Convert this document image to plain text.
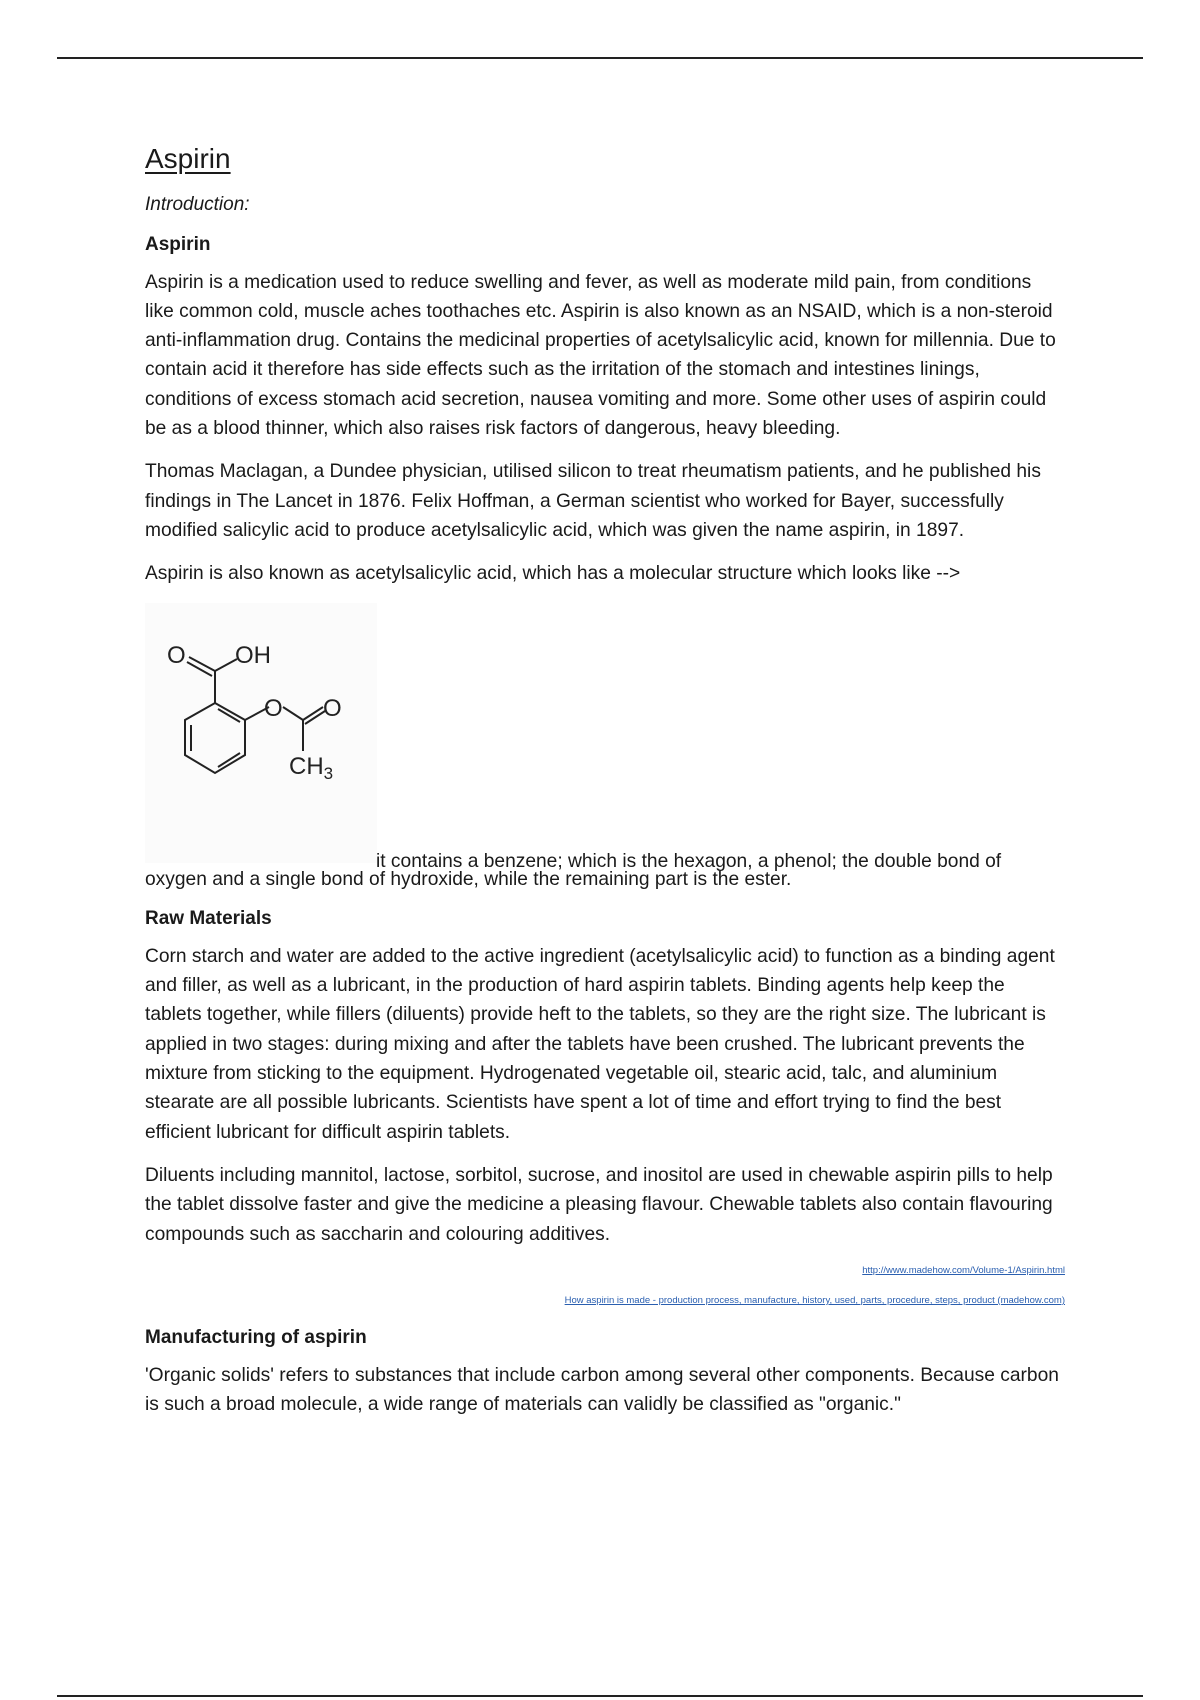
Aspirin
Introduction:
Aspirin

Aspirin is a medication used to reduce swelling and fever, as well as moderate mild pain, from conditions like common cold, muscle aches toothaches etc. Aspirin is also known as an NSAID, which is a non-steroid anti-inflammation drug. Contains the medicinal properties of acetylsalicylic acid, known for millennia. Due to contain acid it therefore has side effects such as the irritation of the stomach and intestines linings, conditions of excess stomach acid secretion, nausea vomiting and more. Some other uses of aspirin could be as a blood thinner, which also raises risk factors of dangerous, heavy bleeding.

Thomas Maclagan, a Dundee physician, utilised silicon to treat rheumatism patients, and he published his findings in The Lancet in 1876. Felix Hoffman, a German scientist who worked for Bayer, successfully modified salicylic acid to produce acetylsalicylic acid, which was given the name aspirin, in 1897.

Aspirin is also known as acetylsalicylic acid, which has a molecular structure which looks like -->

O OH
O O
$CH_3$
it contains a benzene; which is the hexagon, a phenol; the double bond of

oxygen and a single bond of hydroxide, while the remaining part is the ester.

Raw Materials

Corn starch and water are added to the active ingredient (acetylsalicylic acid) to function as a binding agent and filler, as well as a lubricant, in the production of hard aspirin tablets. Binding agents help keep the tablets together, while fillers (diluents) provide heft to the tablets, so they are the right size. The lubricant is applied in two stages: during mixing and after the tablets have been crushed. The lubricant prevents the mixture from sticking to the equipment. Hydrogenated vegetable oil, stearic acid, talc, and aluminium stearate are all possible lubricants. Scientists have spent a lot of time and effort trying to find the best efficient lubricant for difficult aspirin tablets.

Diluents including mannitol, lactose, sorbitol, sucrose, and inositol are used in chewable aspirin pills to help the tablet dissolve faster and give the medicine a pleasing flavour. Chewable tablets also contain flavouring compounds such as saccharin and colouring additives.

http://www.madehow.com/Volume-1/Aspirin.html
How aspirin is made - production process, manufacture, history, used, parts, procedure, steps, product (madehow.com)
Manufacturing of aspirin

'Organic solids' refers to substances that include carbon among several other components. Because carbon is such a broad molecule, a wide range of materials can validly be classified as "organic."
